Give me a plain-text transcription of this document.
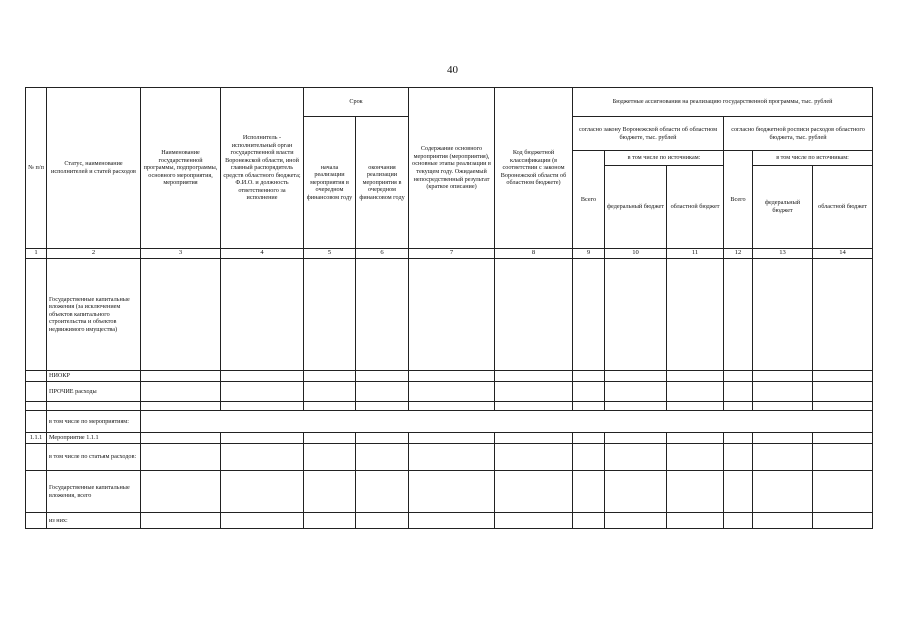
40
№ п/п	Статус, наименование исполнителей и статей расходов	Наименование государственной программы, подпрограммы, основного мероприятия, мероприятия	Исполнитель - исполнительный орган государственной власти Воронежской области, иной главный распорядитель средств областного бюджета; Ф.И.О. и должность ответственного за исполнение	Срок		Содержание основного мероприятия (мероприятия), основные этапы реализации в текущем году. Ожидаемый непосредственный результат (краткое описание)	Код бюджетной классификации (в соответствии с законом Воронежской области об областном бюджете)	Бюджетные ассигнования на реализацию государственной программы, тыс. рублей					
				начала реализации мероприятия в очередном финансовом году	окончания реализации мероприятия в очередном финансовом году			согласно закону Воронежской области об областном бюджете, тыс. рублей			согласно бюджетной росписи расходов областного бюджета, тыс. рублей		
								Всего	в том числе по источникам:		Всего	в том числе по источникам:	
									федеральный бюджет	областной бюджет		федеральный бюджет	областной бюджет
1	2	3	4	5	6	7	8	9	10	11	12	13	14
	Государственные капитальные вложения (за исключением объектов капитального строительства и объектов недвижимого имущества)												
	НИОКР												
	ПРОЧИЕ расходы												

	в том числе по мероприятиям:												
1.1.1	Мероприятие 1.1.1												
	в том числе по статьям расходов:												
	Государственные капитальные вложения, всего												
	из них:												
